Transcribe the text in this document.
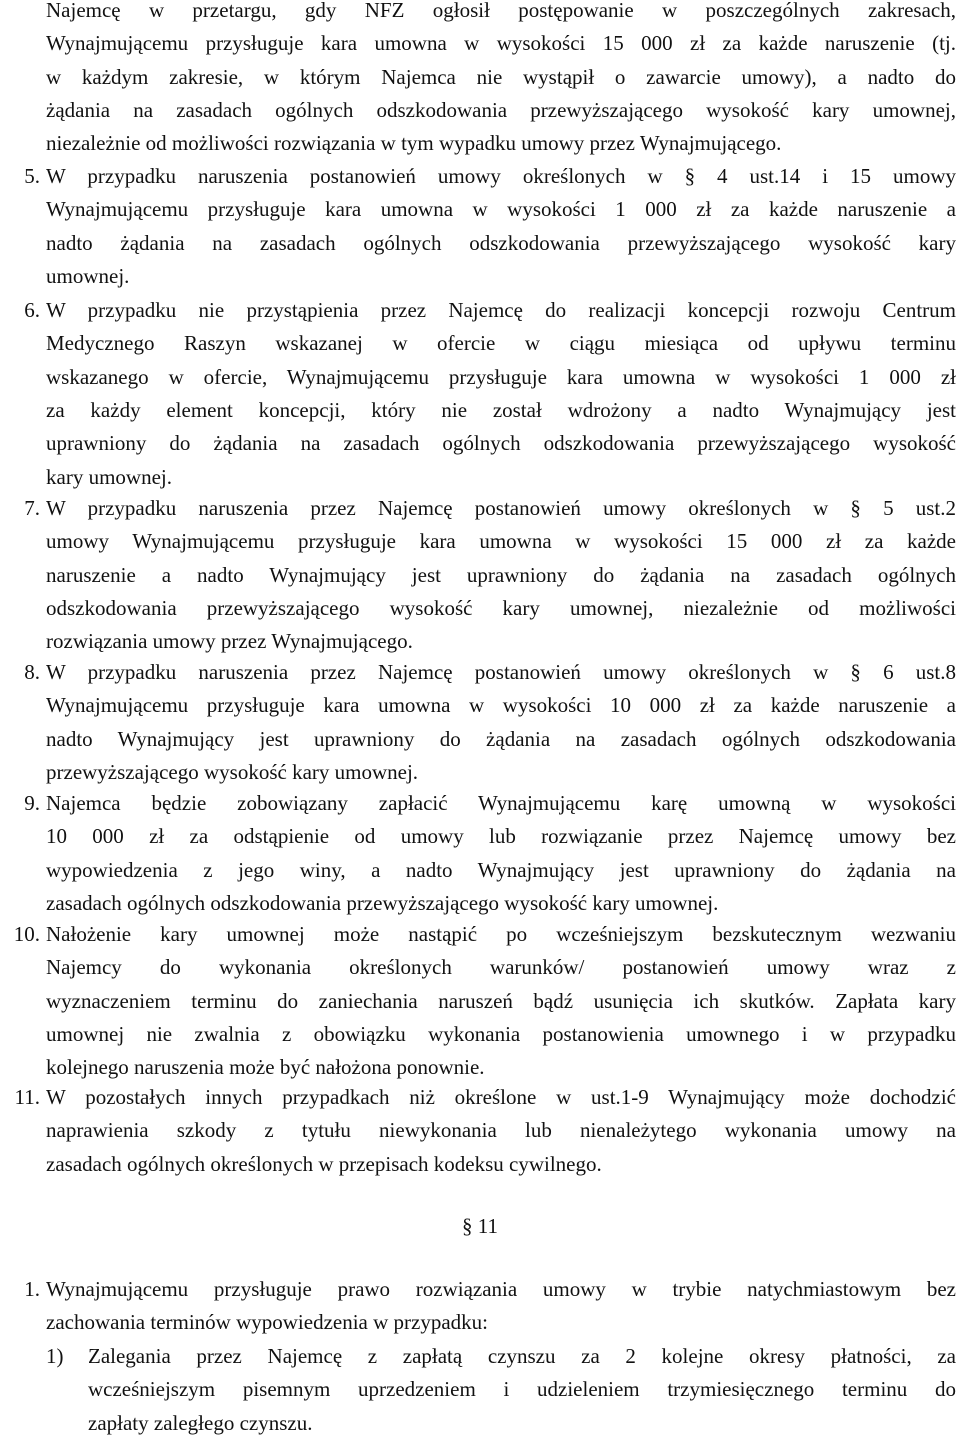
Najemcę w przetargu, gdy NFZ ogłosił postępowanie w poszczególnych zakresach,
Wynajmującemu przysługuje kara umowna w wysokości 15 000 zł za każde naruszenie (tj.
w każdym zakresie, w którym Najemca nie wystąpił o zawarcie umowy), a nadto do
żądania na zasadach ogólnych odszkodowania przewyższającego wysokość kary umownej,
niezależnie od możliwości rozwiązania w tym wypadku umowy przez Wynajmującego.
5. W przypadku naruszenia postanowień umowy określonych w § 4 ust.14 i 15 umowy
Wynajmującemu przysługuje kara umowna w wysokości 1 000 zł za każde naruszenie a
nadto żądania na zasadach ogólnych odszkodowania przewyższającego wysokość kary
umownej.
6. W przypadku nie przystąpienia przez Najemcę do realizacji koncepcji rozwoju Centrum
Medycznego Raszyn wskazanej w ofercie w ciągu miesiąca od upływu terminu
wskazanego w ofercie, Wynajmującemu przysługuje kara umowna w wysokości 1 000 zł
za każdy element koncepcji, który nie został wdrożony a nadto Wynajmujący jest
uprawniony do żądania na zasadach ogólnych odszkodowania przewyższającego wysokość
kary umownej.
7. W przypadku naruszenia przez Najemcę postanowień umowy określonych w § 5 ust.2
umowy Wynajmującemu przysługuje kara umowna w wysokości 15 000 zł za każde
naruszenie a nadto Wynajmujący jest uprawniony do żądania na zasadach ogólnych
odszkodowania przewyższającego wysokość kary umownej, niezależnie od możliwości
rozwiązania umowy przez Wynajmującego.
8. W przypadku naruszenia przez Najemcę postanowień umowy określonych w § 6 ust.8
Wynajmującemu przysługuje kara umowna w wysokości 10 000 zł za każde naruszenie a
nadto Wynajmujący jest uprawniony do żądania na zasadach ogólnych odszkodowania
przewyższającego wysokość kary umownej.
9. Najemca będzie zobowiązany zapłacić Wynajmującemu karę umowną w wysokości
10 000 zł za odstąpienie od umowy lub rozwiązanie przez Najemcę umowy bez
wypowiedzenia z jego winy, a nadto Wynajmujący jest uprawniony do żądania na
zasadach ogólnych odszkodowania przewyższającego wysokość kary umownej.
10. Nałożenie kary umownej może nastąpić po wcześniejszym bezskutecznym wezwaniu
Najemcy do wykonania określonych warunków/ postanowień umowy wraz z
wyznaczeniem terminu do zaniechania naruszeń bądź usunięcia ich skutków. Zapłata kary
umownej nie zwalnia z obowiązku wykonania postanowienia umownego i w przypadku
kolejnego naruszenia może być nałożona ponownie.
11. W pozostałych innych przypadkach niż określone w ust.1-9 Wynajmujący może dochodzić
naprawienia szkody z tytułu niewykonania lub nienależytego wykonania umowy na
zasadach ogólnych określonych w przepisach kodeksu cywilnego.
§ 11
1. Wynajmującemu przysługuje prawo rozwiązania umowy w trybie natychmiastowym bez
zachowania terminów wypowiedzenia w przypadku:
1)	Zalegania przez Najemcę z zapłatą czynszu za 2 kolejne okresy płatności, za
wcześniejszym pisemnym uprzedzeniem i udzieleniem trzymiesięcznego terminu do
zapłaty zaległego czynszu.
